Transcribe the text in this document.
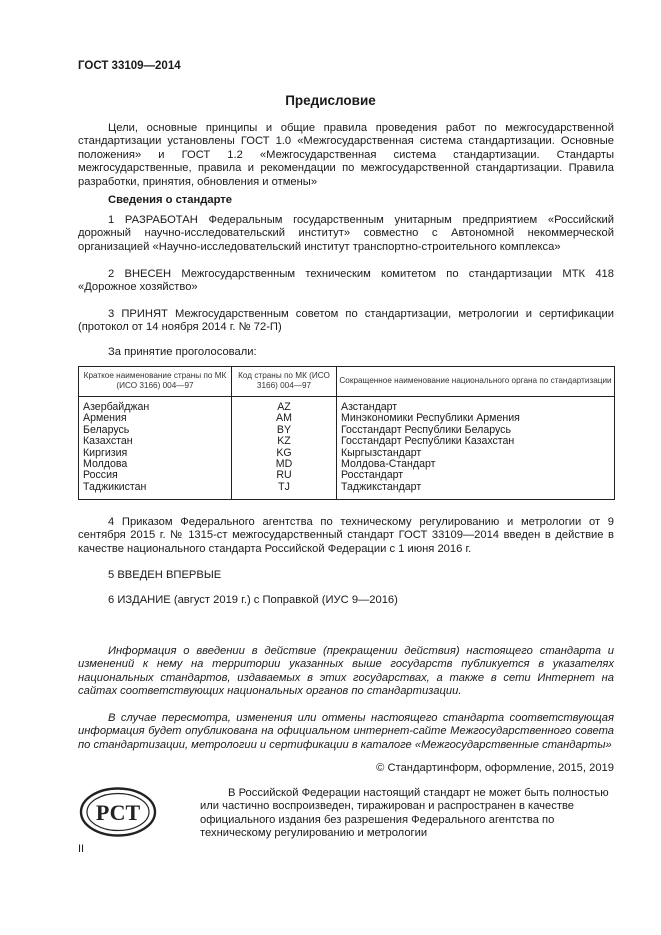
ГОСТ 33109—2014
Предисловие
Цели, основные принципы и общие правила проведения работ по межгосударственной стандартизации установлены ГОСТ 1.0 «Межгосударственная система стандартизации. Основные положения» и ГОСТ 1.2 «Межгосударственная система стандартизации. Стандарты межгосударственные, правила и рекомендации по межгосударственной стандартизации. Правила разработки, принятия, обновления и отмены»
Сведения о стандарте
1 РАЗРАБОТАН Федеральным государственным унитарным предприятием «Российский дорожный научно-исследовательский институт» совместно с Автономной некоммерческой организацией «Научно-исследовательский институт транспортно-строительного комплекса»
2 ВНЕСЕН Межгосударственным техническим комитетом по стандартизации МТК 418 «Дорожное хозяйство»
3 ПРИНЯТ Межгосударственным советом по стандартизации, метрологии и сертификации (протокол от 14 ноября 2014 г. № 72-П)
За принятие проголосовали:
Краткое наименование страны по МК (ИСО 3166) 004—97	Код страны по МК (ИСО 3166) 004—97	Сокращенное наименование национального органа по стандартизации
Азербайджан	AZ	Азстандарт
Армения	AM	Минэкономики Республики Армения
Беларусь	BY	Госстандарт Республики Беларусь
Казахстан	KZ	Госстандарт Республики Казахстан
Киргизия	KG	Кыргызстандарт
Молдова	MD	Молдова-Стандарт
Россия	RU	Росстандарт
Таджикистан	TJ	Таджикстандарт
4 Приказом Федерального агентства по техническому регулированию и метрологии от 9 сентября 2015 г. № 1315-ст межгосударственный стандарт ГОСТ 33109—2014 введен в действие в качестве национального стандарта Российской Федерации с 1 июня 2016 г.
5 ВВЕДЕН ВПЕРВЫЕ
6 ИЗДАНИЕ (август 2019 г.) с Поправкой (ИУС 9—2016)
Информация о введении в действие (прекращении действия) настоящего стандарта и изменений к нему на территории указанных выше государств публикуется в указателях национальных стандартов, издаваемых в этих государствах, а также в сети Интернет на сайтах соответствующих национальных органов по стандартизации.
В случае пересмотра, изменения или отмены настоящего стандарта соответствующая информация будет опубликована на официальном интернет-сайте Межгосударственного совета по стандартизации, метрологии и сертификации в каталоге «Межгосударственные стандарты»
© Стандартинформ, оформление, 2015, 2019
РСТ
В Российской Федерации настоящий стандарт не может быть полностью или частично воспроизведен, тиражирован и распространен в качестве официального издания без разрешения Федерального агентства по техническому регулированию и метрологии
II
